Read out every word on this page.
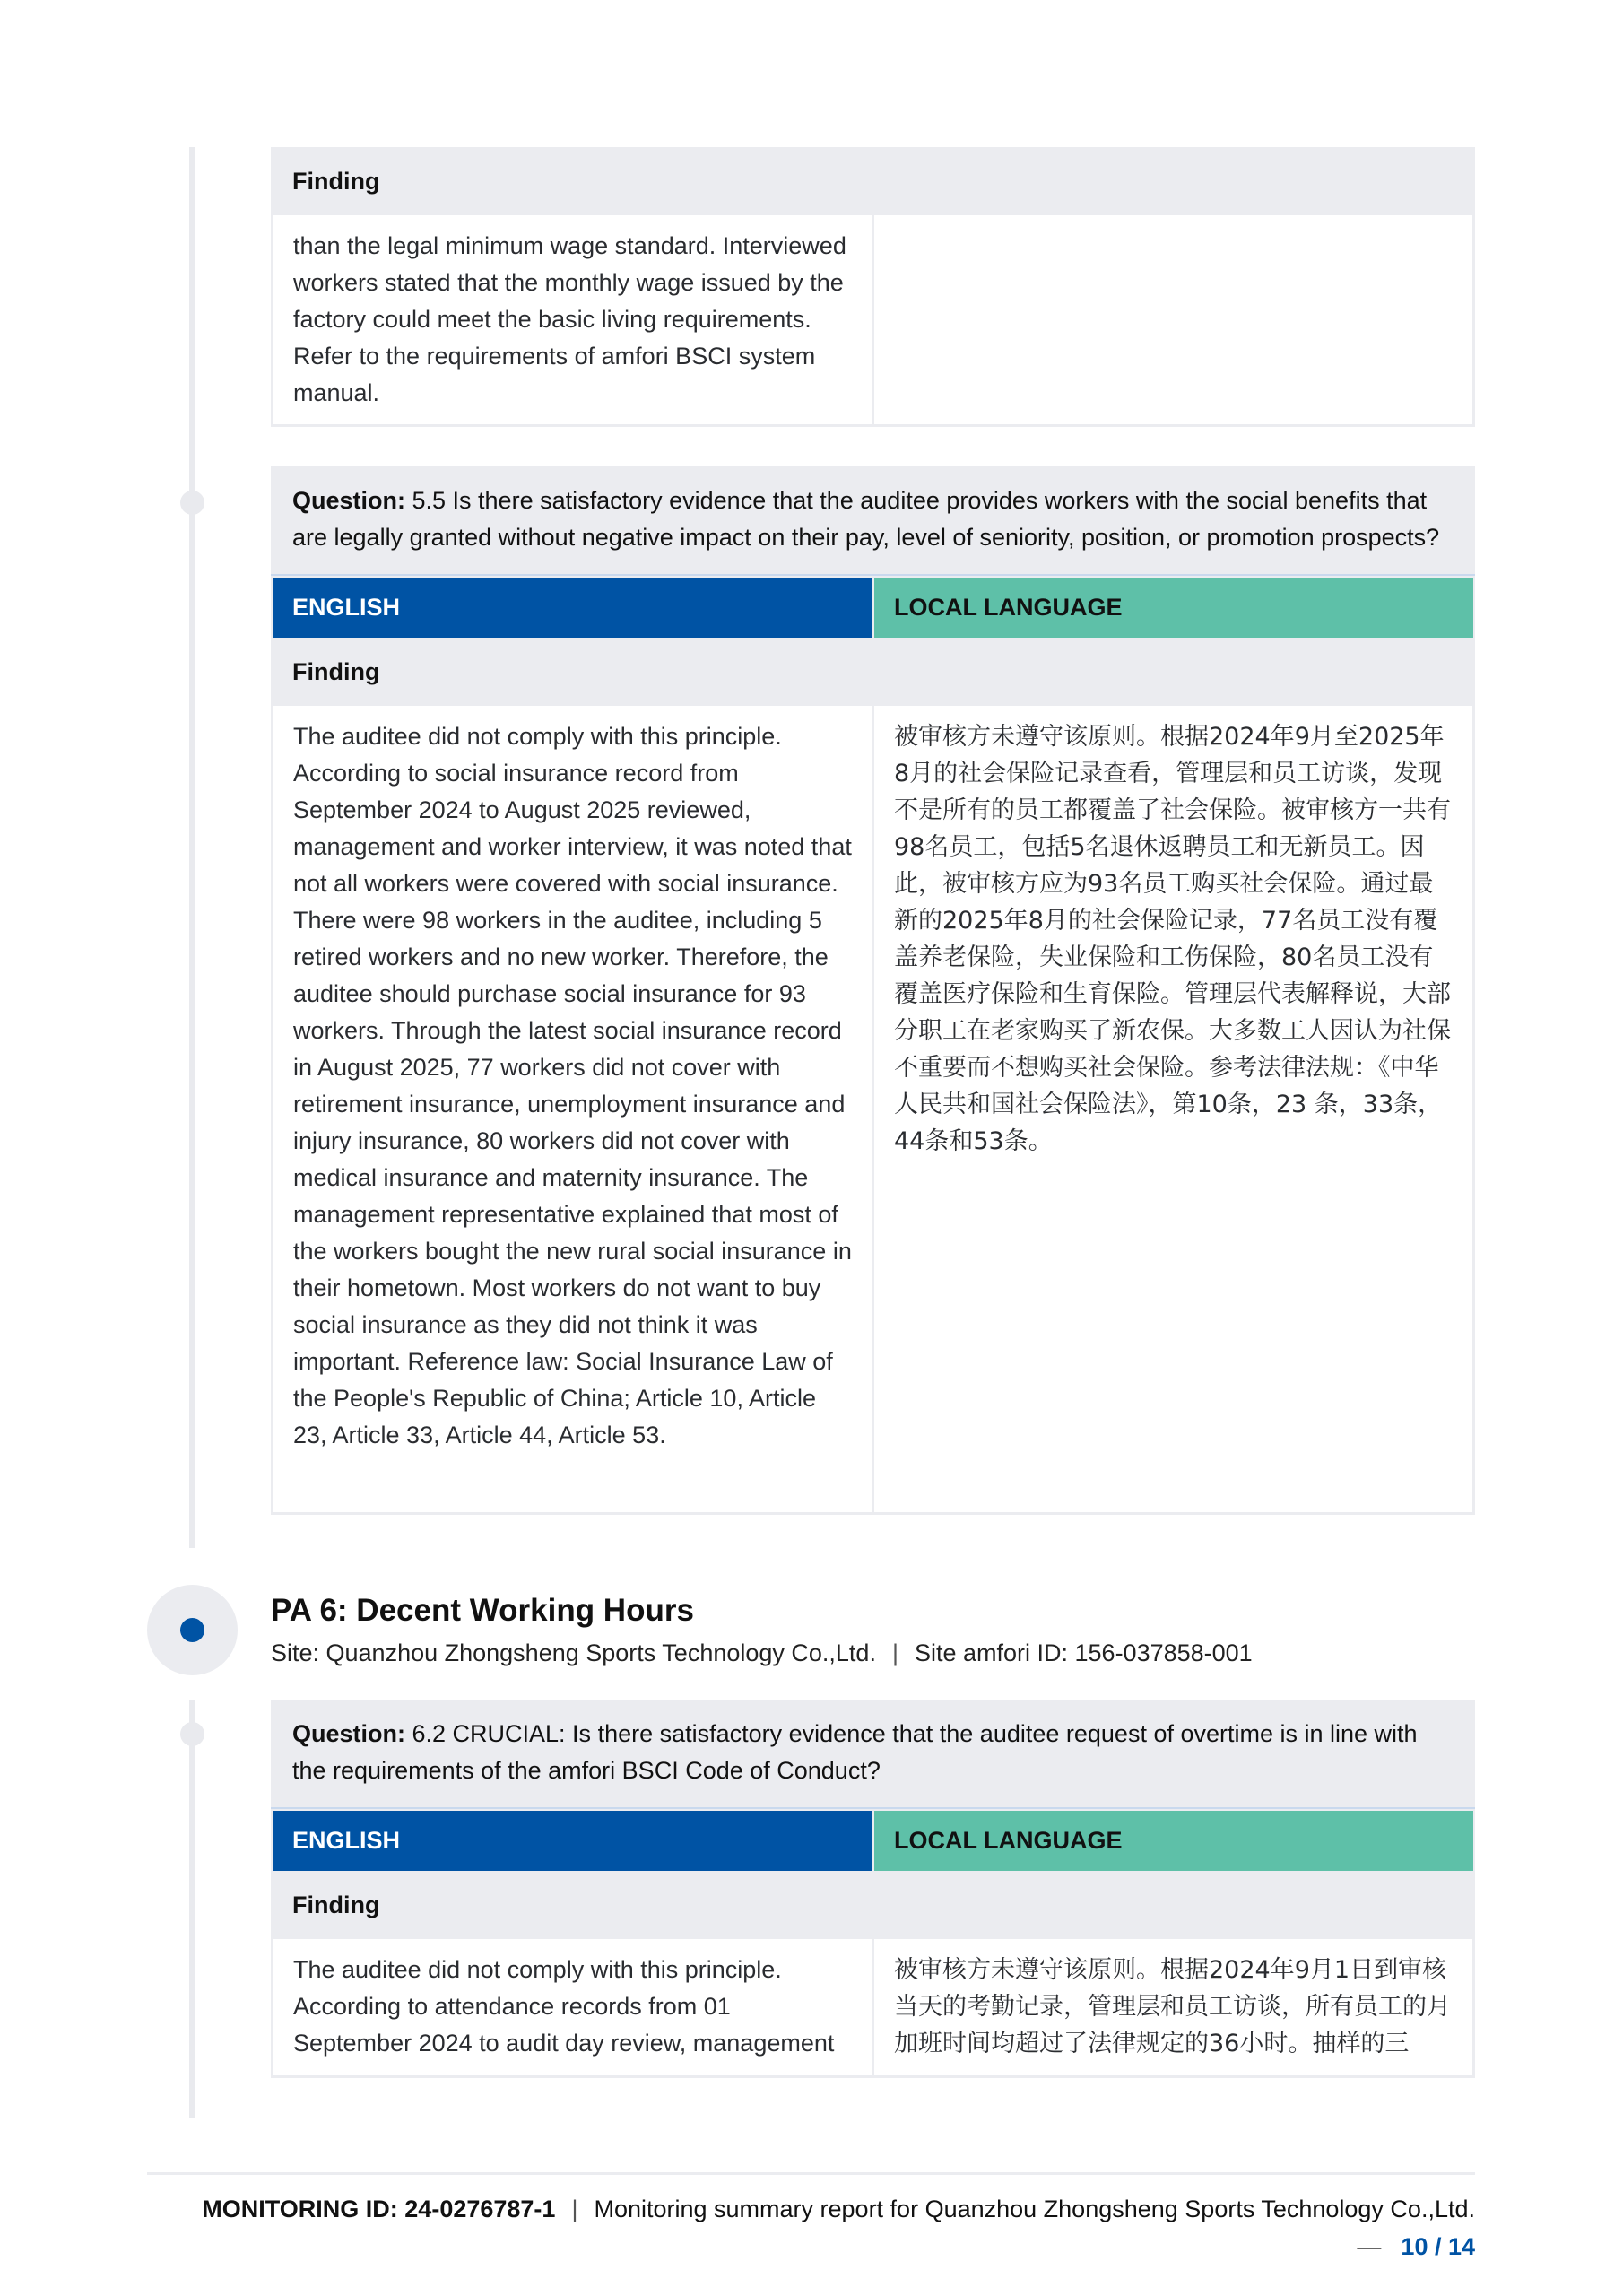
Finding
than the legal minimum wage standard. Interviewed workers stated that the monthly wage issued by the factory could meet the basic living requirements. Refer to the requirements of amfori BSCI system manual.
Question: 5.5 Is there satisfactory evidence that the auditee provides workers with the social benefits that are legally granted without negative impact on their pay, level of seniority, position, or promotion prospects?
ENGLISH	LOCAL LANGUAGE
Finding
The auditee did not comply with this principle. According to social insurance record from September 2024 to August 2025 reviewed, management and worker interview, it was noted that not all workers were covered with social insurance. There were 98 workers in the auditee, including 5 retired workers and no new worker. Therefore, the auditee should purchase social insurance for 93 workers. Through the latest social insurance record in August 2025, 77 workers did not cover with retirement insurance, unemployment insurance and injury insurance, 80 workers did not cover with medical insurance and maternity insurance. The management representative explained that most of the workers bought the new rural social insurance in their hometown. Most workers do not want to buy social insurance as they did not think it was important. Reference law: Social Insurance Law of the People's Republic of China; Article 10, Article 23, Article 33, Article 44, Article 53.
被审核方未遵守该原则。根据2024年9月至2025年8月的社会保险记录查看，管理层和员工访谈，发现不是所有的员工都覆盖了社会保险。被审核方一共有98名员工，包括5名退休返聘员工和无新员工。因此，被审核方应为93名员工购买社会保险。通过最新的2025年8月的社会保险记录，77名员工没有覆盖养老保险，失业保险和工伤保险，80名员工没有覆盖医疗保险和生育保险。管理层代表解释说，大部分职工在老家购买了新农保。大多数工人因认为社保不重要而不想购买社会保险。参考法律法规：《中华人民共和国社会保险法》，第10条，23 条，33条， 44条和53条。
PA 6: Decent Working Hours
Site: Quanzhou Zhongsheng Sports Technology Co.,Ltd. | Site amfori ID: 156-037858-001
Question: 6.2 CRUCIAL: Is there satisfactory evidence that the auditee request of overtime is in line with the requirements of the amfori BSCI Code of Conduct?
ENGLISH	LOCAL LANGUAGE
Finding
The auditee did not comply with this principle. According to attendance records from 01 September 2024 to audit day review, management
被审核方未遵守该原则。根据2024年9月1日到审核当天的考勤记录，管理层和员工访谈，所有员工的月加班时间均超过了法律规定的36小时。抽样的三
MONITORING ID: 24-0276787-1 | Monitoring summary report for Quanzhou Zhongsheng Sports Technology Co.,Ltd.
— 10 / 14
